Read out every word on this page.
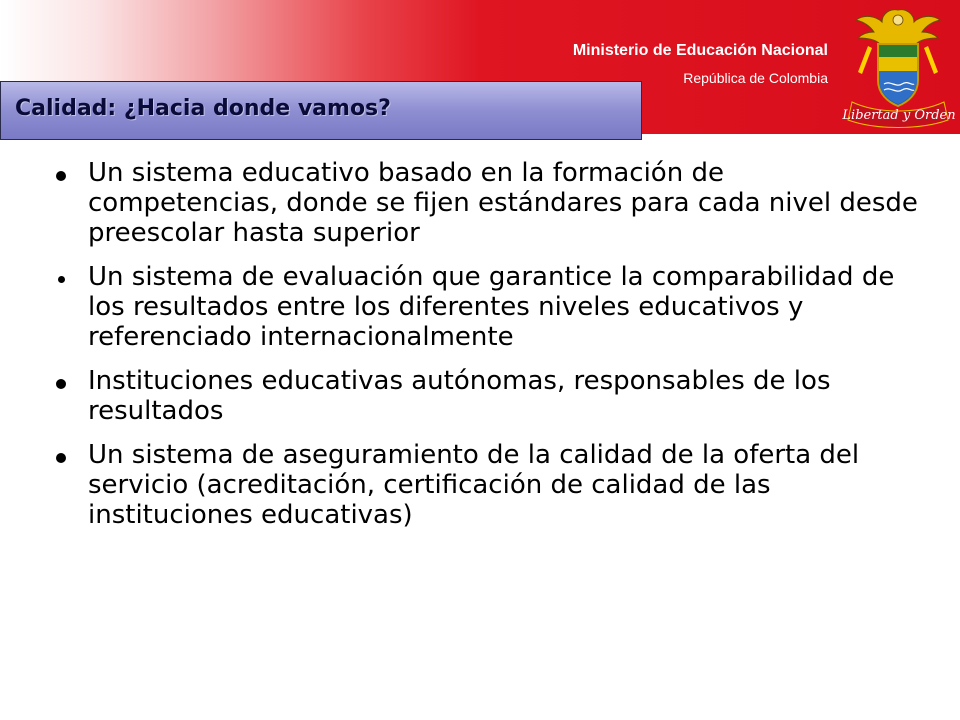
Ministerio de Educación Nacional
República de Colombia
Libertad y Orden
Calidad: ¿Hacia donde vamos?
Un sistema educativo basado en la formación de competencias, donde se fijen estándares para cada nivel desde preescolar hasta superior
Un sistema de evaluación que garantice la comparabilidad de los resultados entre los diferentes niveles educativos y referenciado internacionalmente
Instituciones educativas autónomas, responsables de los resultados
Un sistema de aseguramiento de la calidad de la oferta del servicio (acreditación, certificación de calidad de las instituciones educativas)
